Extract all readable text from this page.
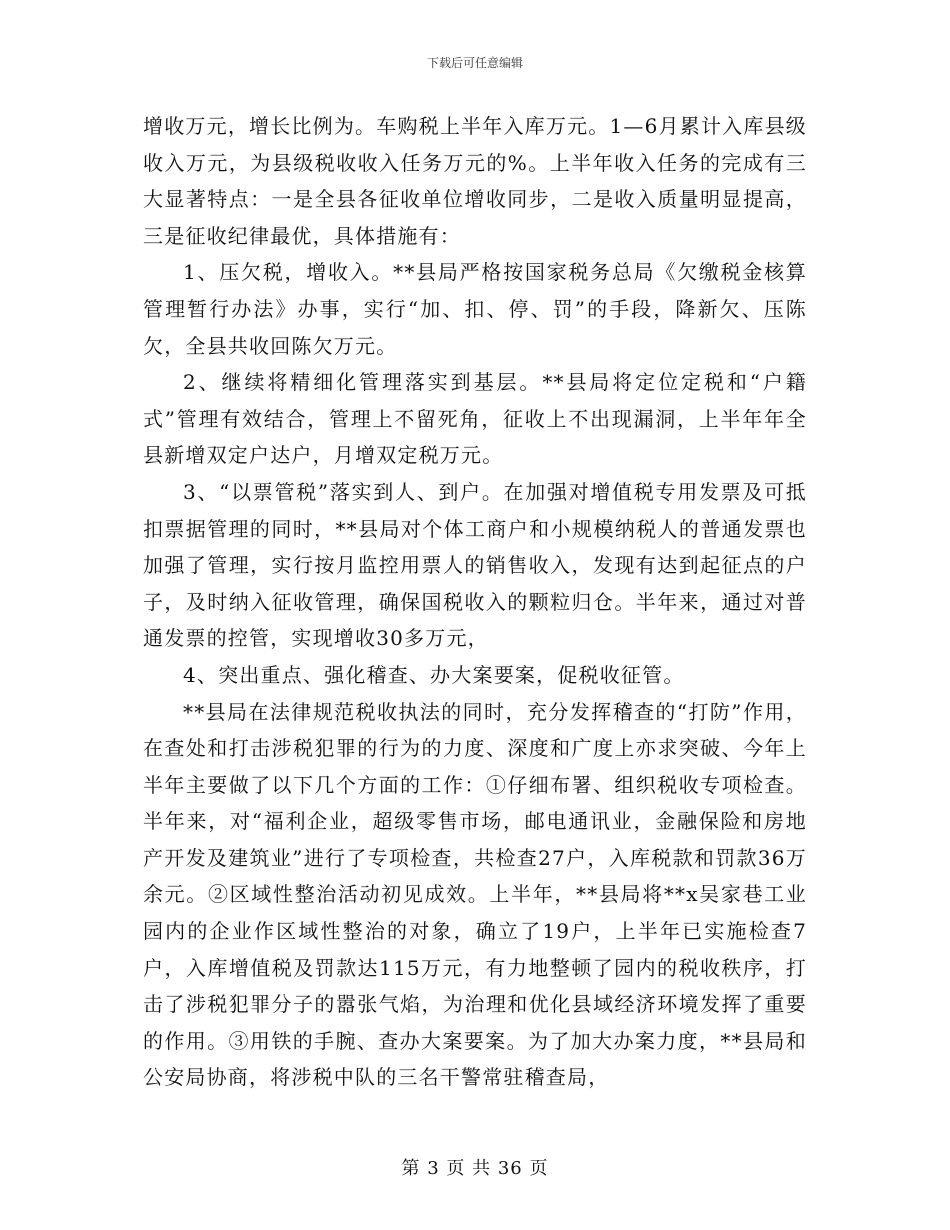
下载后可任意编辑

增收万元，增长比例为。车购税上半年入库万元。1—6月累计入库县级收入万元，为县级税收收入任务万元的%。上半年收入任务的完成有三大显著特点：一是全县各征收单位增收同步，二是收入质量明显提高，三是征收纪律最优，具体措施有：

1、压欠税，增收入。**县局严格按国家税务总局《欠缴税金核算管理暂行办法》办事，实行“加、扣、停、罚”的手段，降新欠、压陈欠，全县共收回陈欠万元。

2、继续将精细化管理落实到基层。**县局将定位定税和“户籍式”管理有效结合，管理上不留死角，征收上不出现漏洞，上半年年全县新增双定户达户，月增双定税万元。

3、“以票管税”落实到人、到户。在加强对增值税专用发票及可抵扣票据管理的同时，**县局对个体工商户和小规模纳税人的普通发票也加强了管理，实行按月监控用票人的销售收入，发现有达到起征点的户子，及时纳入征收管理，确保国税收入的颗粒归仓。半年来，通过对普通发票的控管，实现增收30多万元，

4、突出重点、强化稽查、办大案要案，促税收征管。

**县局在法律规范税收执法的同时，充分发挥稽查的“打防”作用，在查处和打击涉税犯罪的行为的力度、深度和广度上亦求突破、今年上半年主要做了以下几个方面的工作：①仔细布署、组织税收专项检查。半年来，对“福利企业，超级零售市场，邮电通讯业，金融保险和房地产开发及建筑业”进行了专项检查，共检查27户，入库税款和罚款36万余元。②区域性整治活动初见成效。上半年，**县局将**x吴家巷工业园内的企业作区域性整治的对象，确立了19户，上半年已实施检查7户，入库增值税及罚款达115万元，有力地整顿了园内的税收秩序，打击了涉税犯罪分子的嚣张气焰，为治理和优化县域经济环境发挥了重要的作用。③用铁的手腕、查办大案要案。为了加大办案力度，**县局和公安局协商，将涉税中队的三名干警常驻稽查局，

第 3 页 共 36 页
